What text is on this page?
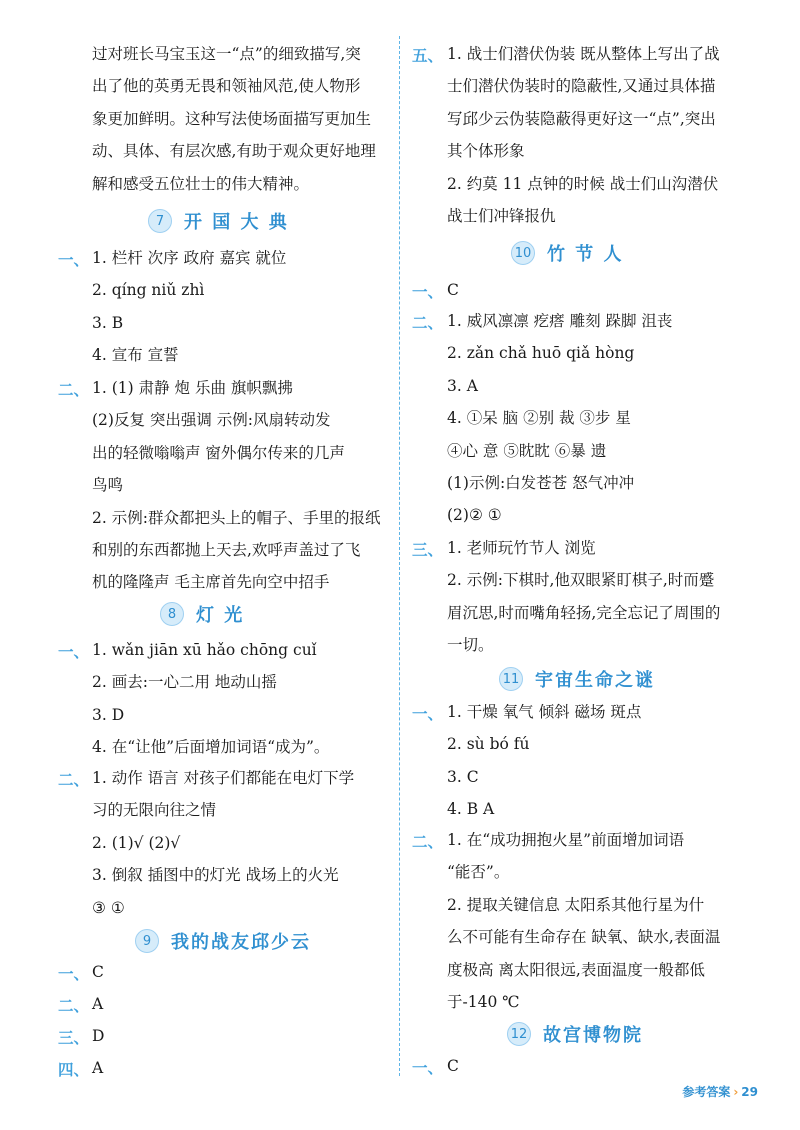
过对班长马宝玉这一“点”的细致描写,突
出了他的英勇无畏和领袖风范,使人物形
象更加鲜明。这种写法使场面描写更加生
动、具体、有层次感,有助于观众更好地理
解和感受五位壮士的伟大精神。
7	开 国 大 典
一、 1. 栏杆 次序 政府 嘉宾 就位
2. qíng niǔ zhì
3. B
4. 宣布 宣誓
二、 1. (1) 肃静 炮 乐曲 旗帜飘拂
(2)反复 突出强调 示例:风扇转动发
出的轻微嗡嗡声 窗外偶尔传来的几声
鸟鸣
2. 示例:群众都把头上的帽子、手里的报纸
和别的东西都抛上天去,欢呼声盖过了飞
机的隆隆声 毛主席首先向空中招手
8	灯 光
一、 1. wǎn jiān xū hǎo chōng cuǐ
2. 画去:一心二用 地动山摇
3. D
4. 在“让他”后面增加词语“成为”。
二、 1. 动作 语言 对孩子们都能在电灯下学
习的无限向往之情
2. (1)√ (2)√
3. 倒叙 插图中的灯光 战场上的火光
③ ①
9	我的战友邱少云
一、 C
二、 A
三、 D
四、 A
五、 1. 战士们潜伏伪装 既从整体上写出了战
士们潜伏伪装时的隐蔽性,又通过具体描
写邱少云伪装隐蔽得更好这一“点”,突出
其个体形象
2. 约莫 11 点钟的时候 战士们山沟潜伏
战士们冲锋报仇
10 竹 节 人
一、 C
二、 1. 威风凛凛 疙瘩 雕刻 跺脚 沮丧
2. zǎn chǎ huō qiǎ hòng
3. A
4. ①呆 脑 ②别 裁 ③步 星
④心 意 ⑤眈眈 ⑥暴 遗
(1)示例:白发苍苍 怒气冲冲
(2)② ①
三、 1. 老师玩竹节人 浏览
2. 示例:下棋时,他双眼紧盯棋子,时而蹙
眉沉思,时而嘴角轻扬,完全忘记了周围的
一切。
11 宇宙生命之谜
一、 1. 干燥 氧气 倾斜 磁场 斑点
2. sù bó fú
3. C
4. B A
二、 1. 在“成功拥抱火星”前面增加词语
“能否”。
2. 提取关键信息 太阳系其他行星为什
么不可能有生命存在 缺氧、缺水,表面温
度极高 离太阳很远,表面温度一般都低
于-140 ℃
12 故宫博物院
一、 C
参考答案 › 29
